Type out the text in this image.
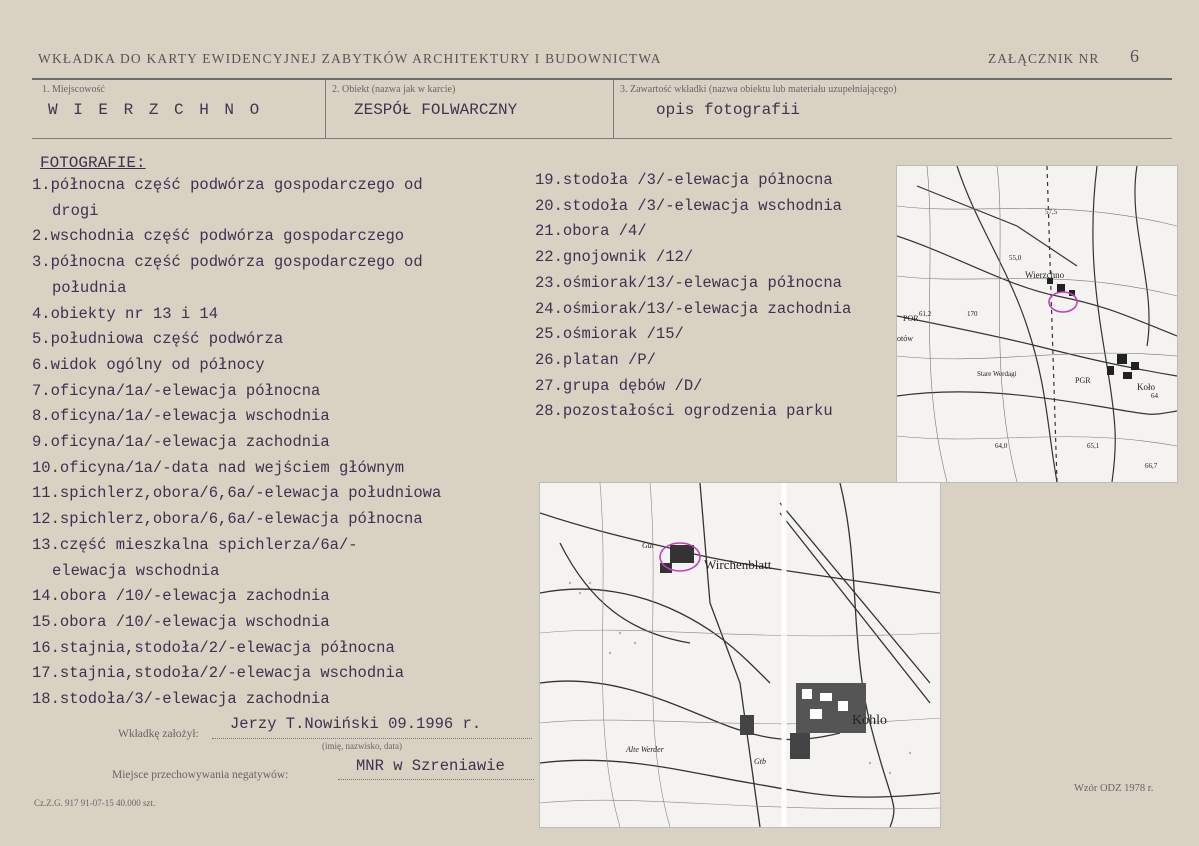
WKŁADKA DO KARTY EWIDENCYJNEJ ZABYTKÓW ARCHITEKTURY I BUDOWNICTWA	ZAŁĄCZNIK NR 6
1. Miejscowość
W I E R Z C H N O
2. Obiekt (nazwa jak w karcie)
ZESPÓŁ FOLWARCZNY
3. Zawartość wkładki (nazwa obiektu lub materiału uzupełniającego)
opis fotografii
FOTOGRAFIE:
1.północna część podwórza gospodarczego od
drogi
2.wschodnia część podwórza gospodarczego
3.północna część podwórza gospodarczego od
południa
4.obiekty nr 13 i 14
5.południowa część podwórza
6.widok ogólny od północy
7.oficyna/1a/-elewacja północna
8.oficyna/1a/-elewacja wschodnia
9.oficyna/1a/-elewacja zachodnia
10.oficyna/1a/-data nad wejściem głównym
11.spichlerz,obora/6,6a/-elewacja południowa
12.spichlerz,obora/6,6a/-elewacja północna
13.część mieszkalna spichlerza/6a/-
elewacja wschodnia
14.obora /10/-elewacja zachodnia
15.obora /10/-elewacja wschodnia
16.stajnia,stodoła/2/-elewacja północna
17.stajnia,stodoła/2/-elewacja wschodnia
18.stodoła/3/-elewacja zachodnia
19.stodoła /3/-elewacja północna
20.stodoła /3/-elewacja wschodnia
21.obora /4/
22.gnojownik /12/
23.ośmiorak/13/-elewacja północna
24.ośmiorak/13/-elewacja zachodnia
25.ośmiorak /15/
26.platan /P/
27.grupa dębów /D/
28.pozostałości ogrodzenia parku
Wierzchno
Koło
POR
PGR
Stare Werdagi
57,5
55,0
61,2	170
64,0	65,1
66,7
64
otów
Wirchenblatt
Kohlo
Alte Werder
Gut
Gtb
Wkładkę założył:
Jerzy T.Nowiński 09.1996 r.
(imię, nazwisko, data)
Miejsce przechowywania negatywów:	MNR w Szreniawie
Cz.Z.G. 917 91-07-15 40.000 szt.
Wzór ODZ 1978 r.
